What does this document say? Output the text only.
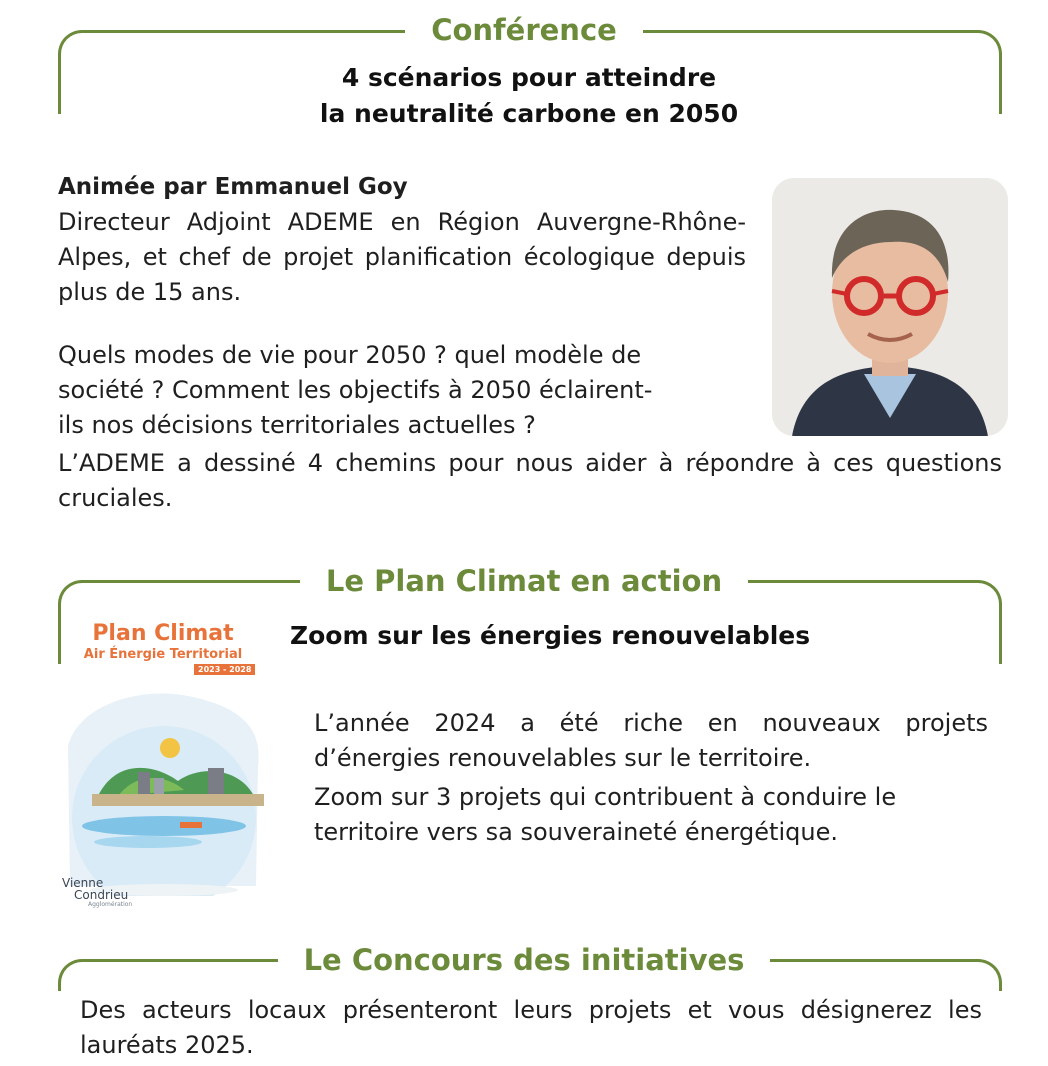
Conférence
4 scénarios pour atteindre
la neutralité carbone en 2050
Animée par Emmanuel Goy

Directeur Adjoint ADEME en Région Auvergne-Rhône-Alpes, et chef de projet planification écologique depuis plus de 15 ans.

Quels modes de vie pour 2050 ? quel modèle de
société ? Comment les objectifs à 2050 éclairent-
ils nos décisions territoriales actuelles ?

L’ADEME a dessiné 4 chemins pour nous aider à répondre à ces questions cruciales.

Le Plan Climat en action
Zoom sur les énergies renouvelables
Plan Climat
Air Énergie Territorial
2023 - 2028
Vienne
Condrieu
Agglomération

L’année 2024 a été riche en nouveaux projets d’énergies renouvelables sur le territoire.

Zoom sur 3 projets qui contribuent à conduire le territoire vers sa souveraineté énergétique.

Le Concours des initiatives

Des acteurs locaux présenteront leurs projets et vous désignerez les lauréats 2025.
